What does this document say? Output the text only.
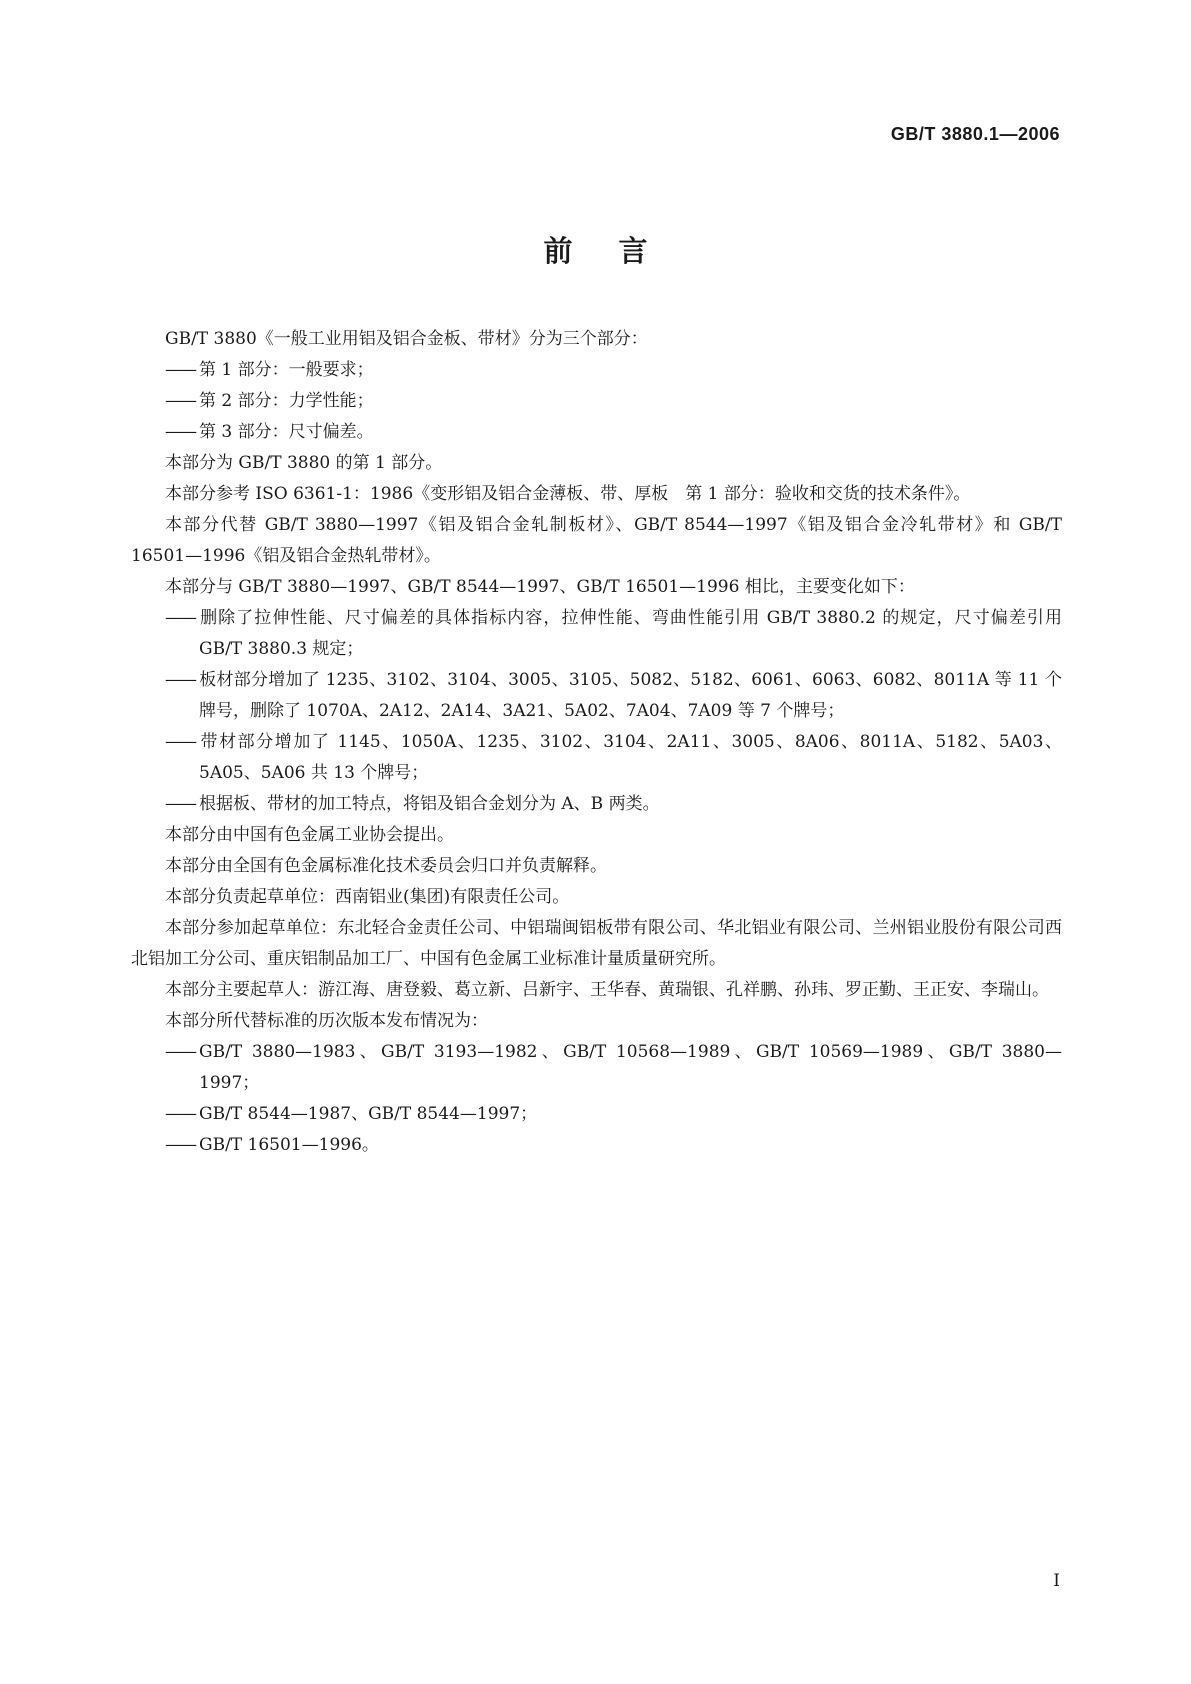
GB/T 3880.1—2006
前言

GB/T 3880《一般工业用铝及铝合金板、带材》分为三个部分：

—— 第 1 部分：一般要求；

—— 第 2 部分：力学性能；

—— 第 3 部分：尺寸偏差。

本部分为 GB/T 3880 的第 1 部分。

本部分参考 ISO 6361-1：1986《变形铝及铝合金薄板、带、厚板　第 1 部分：验收和交货的技术条件》。

本部分代替 GB/T 3880—1997《铝及铝合金轧制板材》、GB/T 8544—1997《铝及铝合金冷轧带材》和 GB/T 16501—1996《铝及铝合金热轧带材》。

本部分与 GB/T 3880—1997、GB/T 8544—1997、GB/T 16501—1996 相比，主要变化如下：

—— 删除了拉伸性能、尺寸偏差的具体指标内容，拉伸性能、弯曲性能引用 GB/T 3880.2 的规定，尺寸偏差引用 GB/T 3880.3 规定；

—— 板材部分增加了 1235、3102、3104、3005、3105、5082、5182、6061、6063、6082、8011A 等 11 个牌号，删除了 1070A、2A12、2A14、3A21、5A02、7A04、7A09 等 7 个牌号；

—— 带材部分增加了 1145、1050A、1235、3102、3104、2A11、3005、8A06、8011A、5182、5A03、5A05、5A06 共 13 个牌号；

—— 根据板、带材的加工特点，将铝及铝合金划分为 A、B 两类。

本部分由中国有色金属工业协会提出。

本部分由全国有色金属标准化技术委员会归口并负责解释。

本部分负责起草单位：西南铝业(集团)有限责任公司。

本部分参加起草单位：东北轻合金责任公司、中铝瑞闽铝板带有限公司、华北铝业有限公司、兰州铝业股份有限公司西北铝加工分公司、重庆铝制品加工厂、中国有色金属工业标准计量质量研究所。

本部分主要起草人：游江海、唐登毅、葛立新、吕新宇、王华春、黄瑞银、孔祥鹏、孙玮、罗正勤、王正安、李瑞山。

本部分所代替标准的历次版本发布情况为：

—— GB/T 3880—1983、GB/T 3193—1982、GB/T 10568—1989、GB/T 10569—1989、GB/T 3880—1997；

—— GB/T 8544—1987、GB/T 8544—1997；

—— GB/T 16501—1996。

I
